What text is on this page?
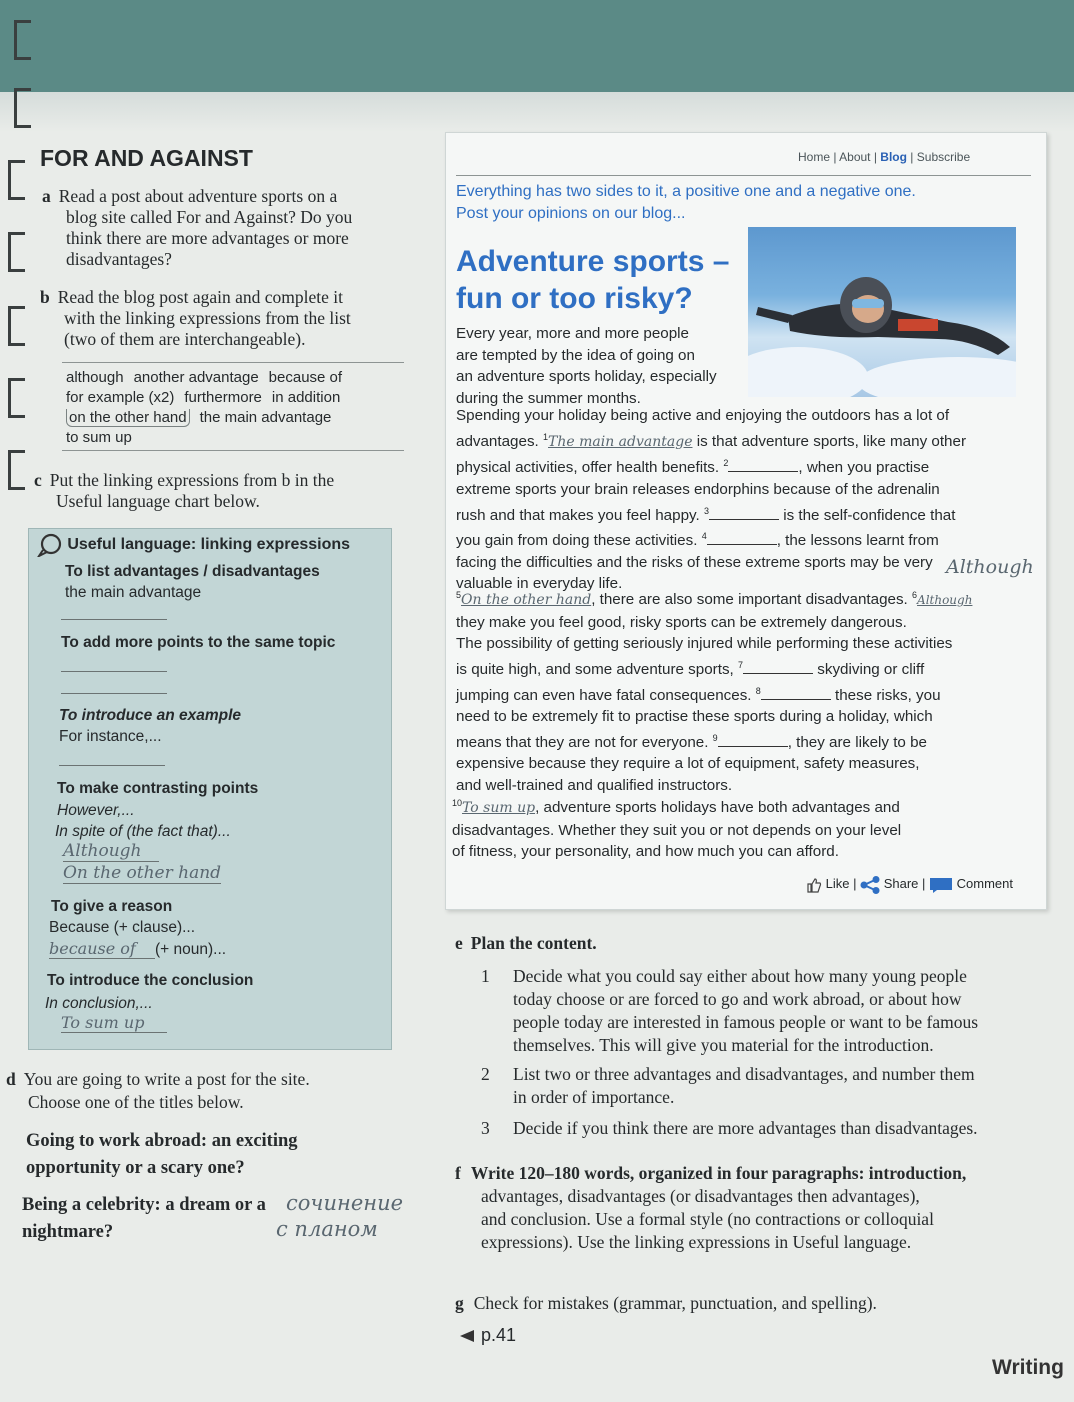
FOR AND AGAINST

a Read a post about adventure sports on a

blog site called For and Against? Do you

think there are more advantages or more

disadvantages?

b Read the blog post again and complete it

with the linking expressions from the list

(two of them are interchangeable).

although another advantage because of
for example (x2) furthermore in addition
on the other hand the main advantage
to sum up

c Put the linking expressions from b in the

Useful language chart below.

Useful language: linking expressions
To list advantages / disadvantages
the main advantage
To add more points to the same topic
To introduce an example
For instance,...
To make contrasting points
However,...
In spite of (the fact that)...
Although
On the other hand
To give a reason
Because (+ clause)...
because of (+ noun)...
To introduce the conclusion
In conclusion,...
To sum up
Home | About | Blog | Subscribe
Everything has two sides to it, a positive one and a negative one.
Post your opinions on our blog...
Adventure sports –
fun or too risky?
Every year, more and more people
are tempted by the idea of going on
an adventure sports holiday, especially
during the summer months.

Spending your holiday being active and enjoying the outdoors has a lot of

advantages. $^1$The main advantage is that adventure sports, like many other

physical activities, offer health benefits. $^2$	, when you practise

extreme sports your brain releases endorphins because of the adrenalin

rush and that makes you feel happy. $^3$	is the self-confidence that

you gain from doing these activities. $^4$	, the lessons learnt from

facing the difficulties and the risks of these extreme sports may be very

valuable in everyday life.

Although

$^5$On the other hand, there are also some important disadvantages. $^6$Although

they make you feel good, risky sports can be extremely dangerous.

The possibility of getting seriously injured while performing these activities

is quite high, and some adventure sports, $^7$	skydiving or cliff

jumping can even have fatal consequences. $^8$	these risks, you

need to be extremely fit to practise these sports during a holiday, which

means that they are not for everyone. $^9$	, they are likely to be

expensive because they require a lot of equipment, safety measures,

and well-trained and qualified instructors.

$^{10}$To sum up, adventure sports holidays have both advantages and

disadvantages. Whether they suit you or not depends on your level

of fitness, your personality, and how much you can afford.

Like |  Share |  Comment
d You are going to write a post for the site.
Choose one of the titles below.
Going to work abroad: an exciting
opportunity or a scary one?
Being a celebrity: a dream or a
nightmare?
сочинение
с планом
e Plan the content.
1	Decide what you could say either about how many young people
today choose or are forced to go and work abroad, or about how
people today are interested in famous people or want to be famous
themselves. This will give you material for the introduction.
2	List two or three advantages and disadvantages, and number them
in order of importance.
3	Decide if you think there are more advantages than disadvantages.
f Write 120–180 words, organized in four paragraphs: introduction,
advantages, disadvantages (or disadvantages then advantages),
and conclusion. Use a formal style (no contractions or colloquial
expressions). Use the linking expressions in Useful language.
g Check for mistakes (grammar, punctuation, and spelling).
p.41
Writing
